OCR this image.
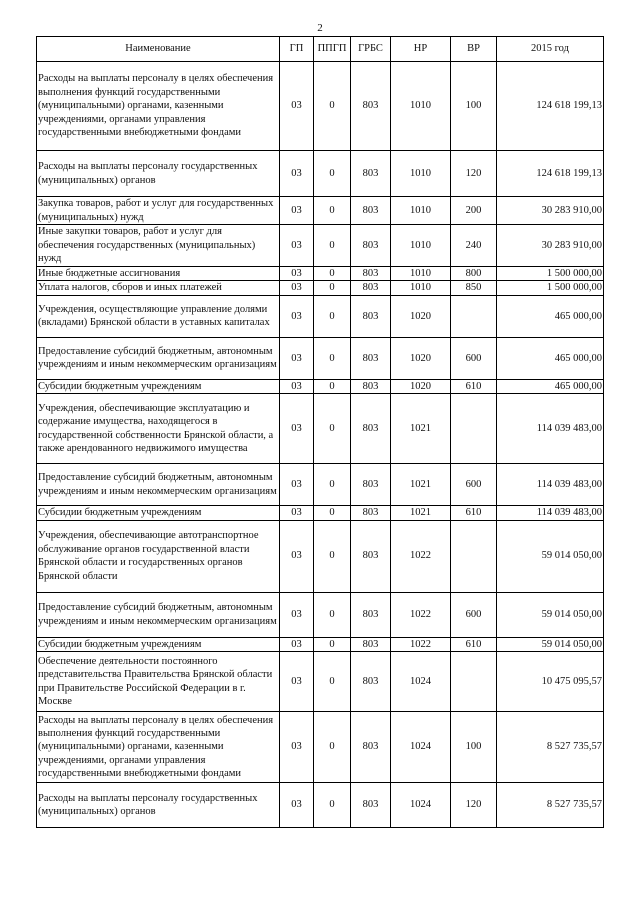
2
Наименование	ГП	ППГП	ГРБС	НР	ВР	2015 год
Расходы на выплаты персоналу в целях обеспечения выполнения функций государственными (муниципальными) органами, казенными учреждениями, органами управления государственными внебюджетными фондами	03	0	803	1010	100	124 618 199,13
Расходы на выплаты персоналу государственных (муниципальных) органов	03	0	803	1010	120	124 618 199,13
Закупка товаров, работ и услуг для государственных (муниципальных) нужд	03	0	803	1010	200	30 283 910,00
Иные закупки товаров, работ и услуг для обеспечения государственных (муниципальных) нужд	03	0	803	1010	240	30 283 910,00
Иные бюджетные ассигнования	03	0	803	1010	800	1 500 000,00
Уплата налогов, сборов и иных платежей	03	0	803	1010	850	1 500 000,00
Учреждения, осуществляющие управление долями (вкладами) Брянской области в уставных капиталах	03	0	803	1020		465 000,00
Предоставление субсидий бюджетным, автономным учреждениям и иным некоммерческим организациям	03	0	803	1020	600	465 000,00
Субсидии бюджетным учреждениям	03	0	803	1020	610	465 000,00
Учреждения, обеспечивающие эксплуатацию и содержание имущества, находящегося в государственной собственности Брянской области, а также арендованного недвижимого имущества	03	0	803	1021		114 039 483,00
Предоставление субсидий бюджетным, автономным учреждениям и иным некоммерческим организациям	03	0	803	1021	600	114 039 483,00
Субсидии бюджетным учреждениям	03	0	803	1021	610	114 039 483,00
Учреждения, обеспечивающие автотранспортное обслуживание органов государственной власти Брянской области и государственных органов Брянской области	03	0	803	1022		59 014 050,00
Предоставление субсидий бюджетным, автономным учреждениям и иным некоммерческим организациям	03	0	803	1022	600	59 014 050,00
Субсидии бюджетным учреждениям	03	0	803	1022	610	59 014 050,00
Обеспечение деятельности постоянного представительства Правительства Брянской области при Правительстве Российской Федерации в г. Москве	03	0	803	1024		10 475 095,57
Расходы на выплаты персоналу в целях обеспечения выполнения функций государственными (муниципальными) органами, казенными учреждениями, органами управления государственными внебюджетными фондами	03	0	803	1024	100	8 527 735,57
Расходы на выплаты персоналу государственных (муниципальных) органов	03	0	803	1024	120	8 527 735,57
